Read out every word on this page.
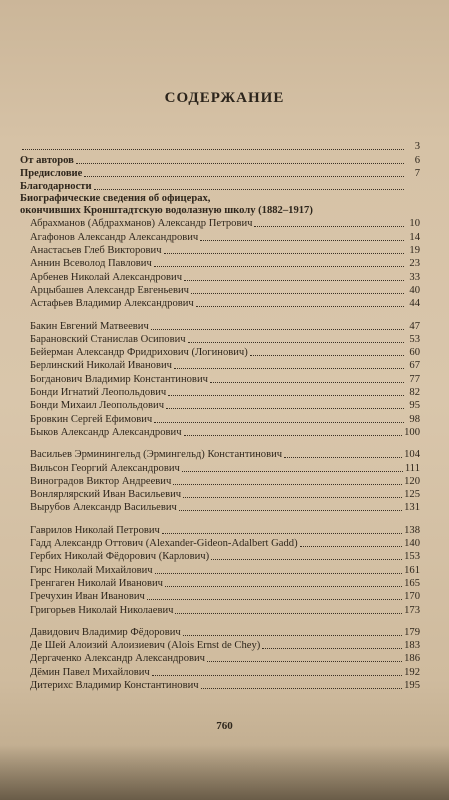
СОДЕРЖАНИЕ
3
От авторов	6
Предисловие	7
Благодарности
Биографические сведения об офицерах,
окончивших Кронштадтскую водолазную школу (1882–1917)
Абрахманов (Абдрахманов) Александр Петрович	10
Агафонов Александр Александрович	14
Анастасьев Глеб Викторович	19
Аннин Всеволод Павлович	23
Арбенев Николай Александрович	33
Арцыбашев Александр Евгеньевич	40
Астафьев Владимир Александрович	44
Бакин Евгений Матвеевич	47
Барановский Станислав Осипович	53
Бейерман Александр Фридрихович (Логинович)	60
Берлинский Николай Иванович	67
Богданович Владимир Константинович	77
Бонди Игнатий Леопольдович	82
Бонди Михаил Леопольдович	95
Бровкин Сергей Ефимович	98
Быков Александр Александрович	100
Васильев Эрминингельд (Эрмингельд) Константинович	104
Вильсон Георгий Александрович	111
Виноградов Виктор Андреевич	120
Вонлярлярский Иван Васильевич	125
Вырубов Александр Васильевич	131
Гаврилов Николай Петрович	138
Гадд Александр Оттович (Alexander-Gideon-Adalbert Gadd)	140
Гербих Николай Фёдорович (Карлович)	153
Гирс Николай Михайлович	161
Гренгаген Николай Иванович	165
Гречухин Иван Иванович	170
Григорьев Николай Николаевич	173
Давидович Владимир Фёдорович	179
Де Шей Алоизий Алоизиевич (Alois Ernst de Chey)	183
Дергаченко Александр Александрович	186
Дёмин Павел Михайлович	192
Дитерихс Владимир Константинович	195
760
